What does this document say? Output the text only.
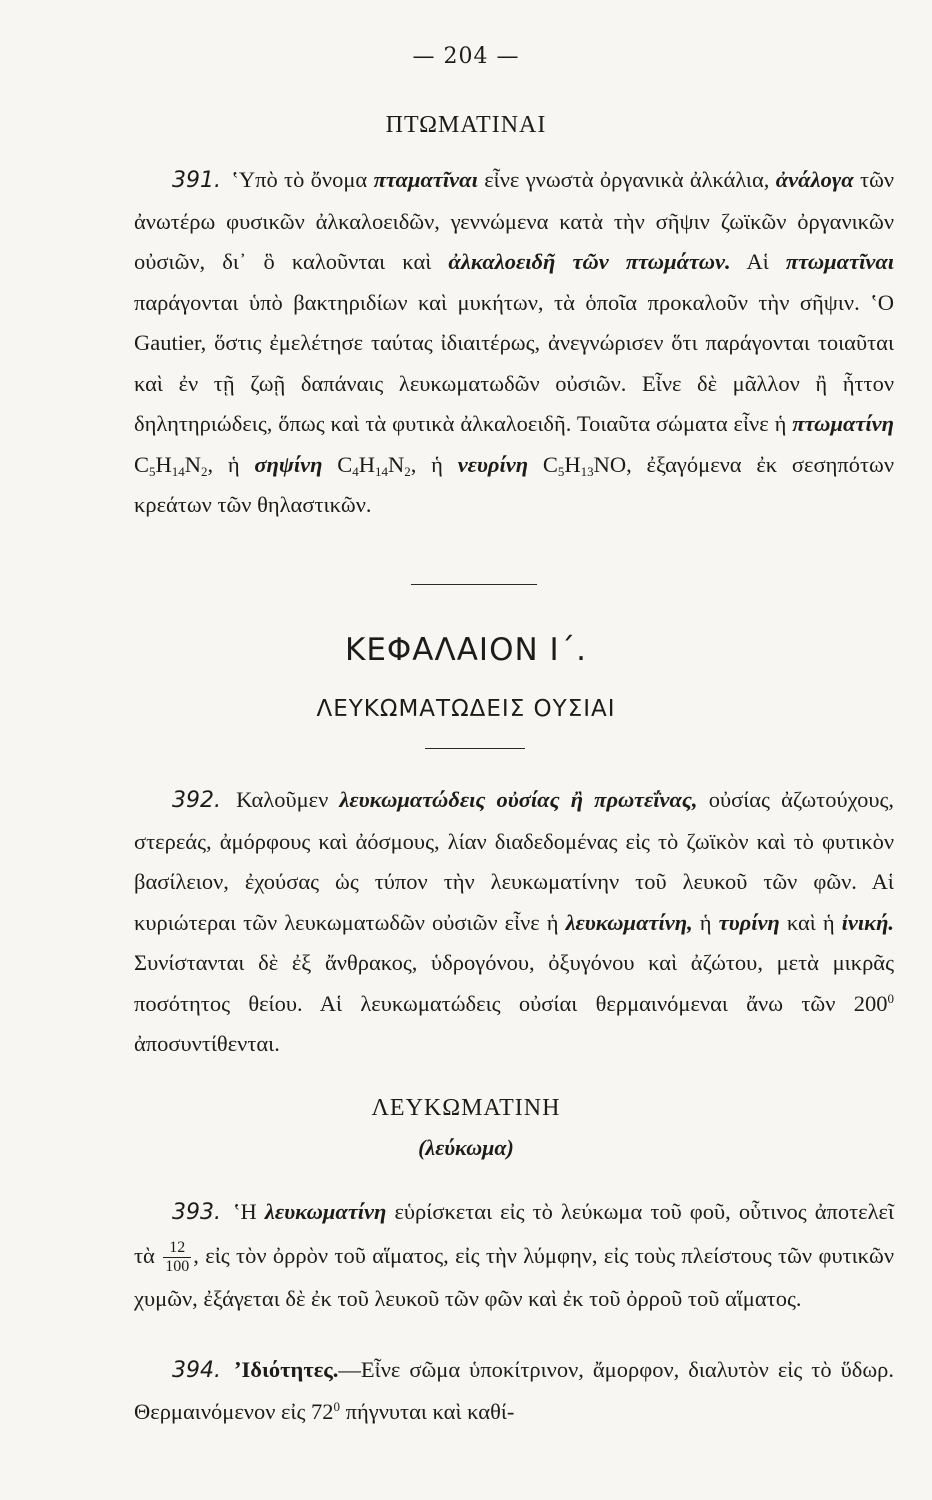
— 204 —
ΠΤΩΜΑΤΙΝΑΙ
391. ʽΥπὸ τὸ ὄνομα πταματῖναι εἶνε γνωστὰ ὀργανικὰ ἀλκάλια, ἀνάλογα τῶν ἀνωτέρω φυσικῶν ἀλκαλοειδῶν, γεννώμενα κατὰ τὴν σῆψιν ζωϊκῶν ὀργανικῶν οὐσιῶν, δι᾽ ὃ καλοῦνται καὶ ἀλκαλοειδῆ τῶν πτωμάτων. Αἱ πτωματῖναι παράγονται ὑπὸ βακτηριδίων καὶ μυκήτων, τὰ ὁποῖα προκαλοῦν τὴν σῆψιν. ʽΟ Gautier, ὅστις ἐμελέτησε ταύτας ἰδιαιτέρως, ἀνεγνώρισεν ὅτι παράγονται τοιαῦται καὶ ἐν τῇ ζωῇ δαπάναις λευκωματωδῶν οὐσιῶν. Εἶνε δὲ μᾶλλον ἢ ἧττον δηλητηριώδεις, ὅπως καὶ τὰ φυτικὰ ἀλκαλοειδῆ. Τοιαῦτα σώματα εἶνε ἡ πτωματίνη $C_5H_{14}N_2$, ἡ σηψίνη $C_4H_{14}N_2$, ἡ νευρίνη $C_5H_{13}NO$, ἐξαγόμενα ἐκ σεσηπότων κρεάτων τῶν θηλαστικῶν.
ΚΕΦΑΛΑΙΟΝ Ι΄.
ΛΕΥΚΩΜΑΤΩΔΕΙΣ ΟΥΣΙΑΙ
392. Καλοῦμεν λευκωματώδεις οὐσίας ἢ πρωτεΐνας, οὐσίας ἀζωτούχους, στερεάς, ἀμόρφους καὶ ἀόσμους, λίαν διαδεδομένας εἰς τὸ ζωϊκὸν καὶ τὸ φυτικὸν βασίλειον, ἐχούσας ὡς τύπον τὴν λευκωματίνην τοῦ λευκοῦ τῶν φῶν. Αἱ κυριώτεραι τῶν λευκωματωδῶν οὐσιῶν εἶνε ἡ λευκωματίνη, ἡ τυρίνη καὶ ἡ ἰνική. Συνίστανται δὲ ἐξ ἄνθρακος, ὑδρογόνου, ὀξυγόνου καὶ ἀζώτου, μετὰ μικρᾶς ποσότητος θείου. Αἱ λευκωματώδεις οὐσίαι θερμαινόμεναι ἄνω τῶν $200^0$ ἀποσυντίθενται.
ΛΕΥΚΩΜΑΤΙΝΗ
(λεύκωμα)
393. ʽΗ λευκωματίνη εὑρίσκεται εἰς τὸ λεύκωμα τοῦ φοῦ, οὗτινος ἀποτελεῖ τὰ $\frac{12}{100}$ , εἰς τὸν ὀρρὸν τοῦ αἵματος, εἰς τὴν λύμφην, εἰς τοὺς πλείστους τῶν φυτικῶν χυμῶν, ἐξάγεται δὲ ἐκ τοῦ λευκοῦ τῶν φῶν καὶ ἐκ τοῦ ὀρροῦ τοῦ αἵματος.
394. ʼΙδιότητες.—Εἶνε σῶμα ὑποκίτρινον, ἄμορφον, διαλυτὸν εἰς τὸ ὕδωρ. Θερμαινόμενον εἰς $72^0$ πήγνυται καὶ καθί-
